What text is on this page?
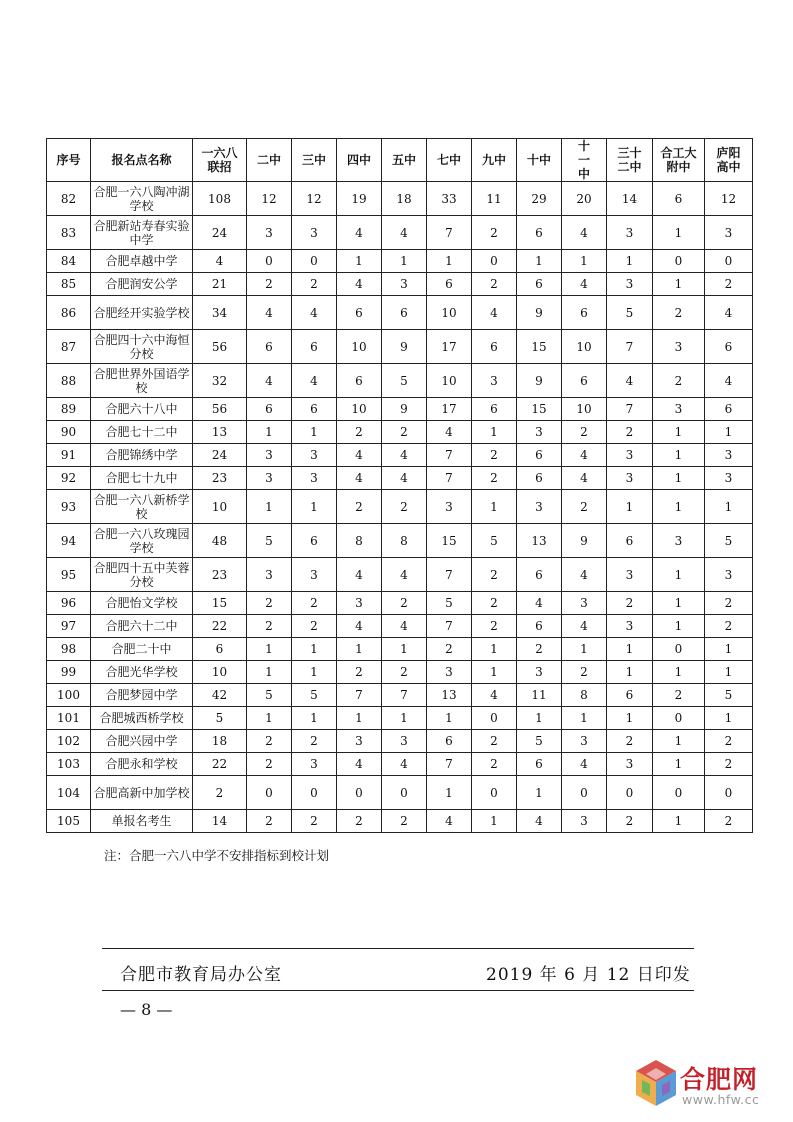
序号	报名点名称	一六八联招	二中	三中	四中	五中	七中	九中	十中	十一中	三十二中	合工大附中	庐阳高中
82	合肥一六八陶冲湖学校	108	12	12	19	18	33	11	29	20	14	6	12
83	合肥新站寿春实验中学	24	3	3	4	4	7	2	6	4	3	1	3
84	合肥卓越中学	4	0	0	1	1	1	0	1	1	1	0	0
85	合肥润安公学	21	2	2	4	3	6	2	6	4	3	1	2
86	合肥经开实验学校	34	4	4	6	6	10	4	9	6	5	2	4
87	合肥四十六中海恒分校	56	6	6	10	9	17	6	15	10	7	3	6
88	合肥世界外国语学校	32	4	4	6	5	10	3	9	6	4	2	4
89	合肥六十八中	56	6	6	10	9	17	6	15	10	7	3	6
90	合肥七十二中	13	1	1	2	2	4	1	3	2	2	1	1
91	合肥锦绣中学	24	3	3	4	4	7	2	6	4	3	1	3
92	合肥七十九中	23	3	3	4	4	7	2	6	4	3	1	3
93	合肥一六八新桥学校	10	1	1	2	2	3	1	3	2	1	1	1
94	合肥一六八玫瑰园学校	48	5	6	8	8	15	5	13	9	6	3	5
95	合肥四十五中芙蓉分校	23	3	3	4	4	7	2	6	4	3	1	3
96	合肥怡文学校	15	2	2	3	2	5	2	4	3	2	1	2
97	合肥六十二中	22	2	2	4	4	7	2	6	4	3	1	2
98	合肥二十中	6	1	1	1	1	2	1	2	1	1	0	1
99	合肥光华学校	10	1	1	2	2	3	1	3	2	1	1	1
100	合肥梦园中学	42	5	5	7	7	13	4	11	8	6	2	5
101	合肥城西桥学校	5	1	1	1	1	1	0	1	1	1	0	1
102	合肥兴园中学	18	2	2	3	3	6	2	5	3	2	1	2
103	合肥永和学校	22	2	3	4	4	7	2	6	4	3	1	2
104	合肥高新中加学校	2	0	0	0	0	1	0	1	0	0	0	0
105	单报名考生	14	2	2	2	2	4	1	4	3	2	1	2
注：合肥一六八中学不安排指标到校计划
合肥市教育局办公室	2019 年 6 月 12 日印发
— 8 —
合肥网
www.hfw.cc
